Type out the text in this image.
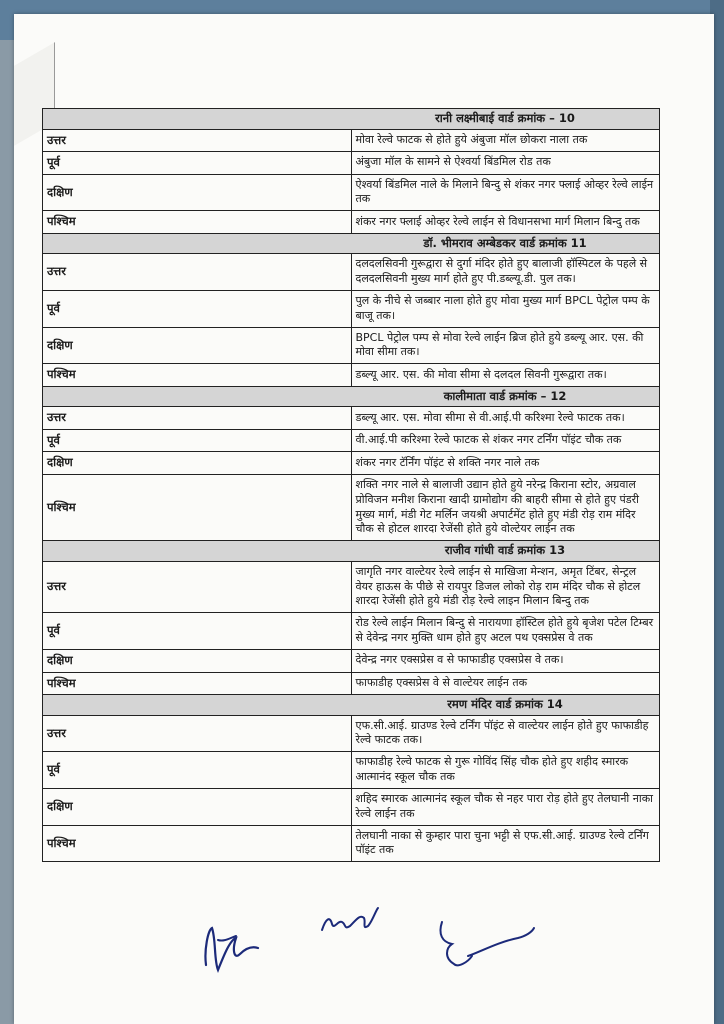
	रानी लक्ष्मीबाई वार्ड क्रमांक – 10
उत्तर	मोवा रेल्वे फाटक से होते हुये अंबुजा मॉल छोकरा नाला तक
पूर्व	अंबुजा मॉल के सामने से ऐश्वर्या बिंडमिल रोड तक
दक्षिण	ऐश्वर्या बिंडमिल नाले के मिलाने बिन्दु से शंकर नगर फ्लाई ओव्हर रेल्वे लाईन तक
पश्चिम	शंकर नगर फ्लाई ओव्हर रेल्वे लाईन से विधानसभा मार्ग मिलान बिन्दु तक
	डॉ. भीमराव अम्बेडकर वार्ड क्रमांक 11
उत्तर	दलदलसिवनी गुरूद्वारा से दुर्गा मंदिर होते हुए बालाजी हॉस्पिटल के पहले से दलदलसिवनी मुख्य मार्ग होते हुए पी.डब्ल्यू.डी. पुल तक।
पूर्व	पुल के नीचे से जब्बार नाला होते हुए मोवा मुख्य मार्ग BPCL पेट्रोल पम्प के बाजू तक।
दक्षिण	BPCL पेट्रोल पम्प से मोवा रेल्वे लाईन ब्रिज होते हुये डब्ल्यू आर. एस. की मोवा सीमा तक।
पश्चिम	डब्ल्यू आर. एस. की मोवा सीमा से दलदल सिवनी गुरूद्वारा तक।
	कालीमाता वार्ड क्रमांक – 12
उत्तर	डब्ल्यू आर. एस. मोवा सीमा से वी.आई.पी करिश्मा रेल्वे फाटक तक।
पूर्व	वी.आई.पी करिश्मा रेल्वे फाटक से शंकर नगर टर्निंग पॉइंट चौक तक
दक्षिण	शंकर नगर टॅर्निंग पॉइंट से शक्ति नगर नाले तक
पश्चिम	शक्ति नगर नाले से बालाजी उद्यान होते हुये नरेन्द्र किराना स्टोर, अग्रवाल प्रोविजन मनीश किराना खादी ग्रामोद्योग की बाहरी सीमा से होते हुए पंडरी मुख्य मार्ग, मंडी गेट मर्लिन जयश्री अपार्टमेंट होते हुए मंडी रोड़ राम मंदिर चौक से होटल शारदा रेजेंसी होते हुये वोल्टेयर लाईन तक
	राजीव गांधी वार्ड क्रमांक 13
उत्तर	जागृति नगर वाल्टेयर रेल्वे लाईन से माखिजा मेन्शन, अमृत टिंबर, सेन्ट्रल वेयर हाऊस के पीछे से रायपुर डिजल लोको रोड़ राम मंदिर चौक से होटल शारदा रेजेंसी होते हुये मंडी रोड़ रेल्वे लाइन मिलान बिन्दु तक
पूर्व	रोड रेल्वे लाईन मिलान बिन्दु से नारायणा हॉस्टिल होते हुये बृजेश पटेल टिम्बर से देवेन्द्र नगर मुक्ति धाम होते हुए अटल पथ एक्सप्रेस वे तक
दक्षिण	देवेन्द्र नगर एक्सप्रेस व से फाफाडीह एक्सप्रेस वे तक।
पश्चिम	फाफाडीह एक्सप्रेस वे से वाल्टेयर लाईन तक
	रमण मंदिर वार्ड क्रमांक 14
उत्तर	एफ.सी.आई. ग्राउण्ड रेल्वे टर्निंग पॉइंट से वाल्टेयर लाईन होते हुए फाफाडीह रेल्वे फाटक तक।
पूर्व	फाफाडीह रेल्वे फाटक से गुरू गोविंद सिंह चौक होते हुए शहीद स्मारक आत्मानंद स्कूल चौक तक
दक्षिण	शहिद स्मारक आत्मानंद स्कूल चौक से नहर पारा रोड़ होते हुए तेलघानी नाका रेल्वे लाईन तक
पश्चिम	तेलघानी नाका से कुम्हार पारा चुना भट्टी से एफ.सी.आई. ग्राउण्ड रेल्वे टर्निंग पॉइंट तक
